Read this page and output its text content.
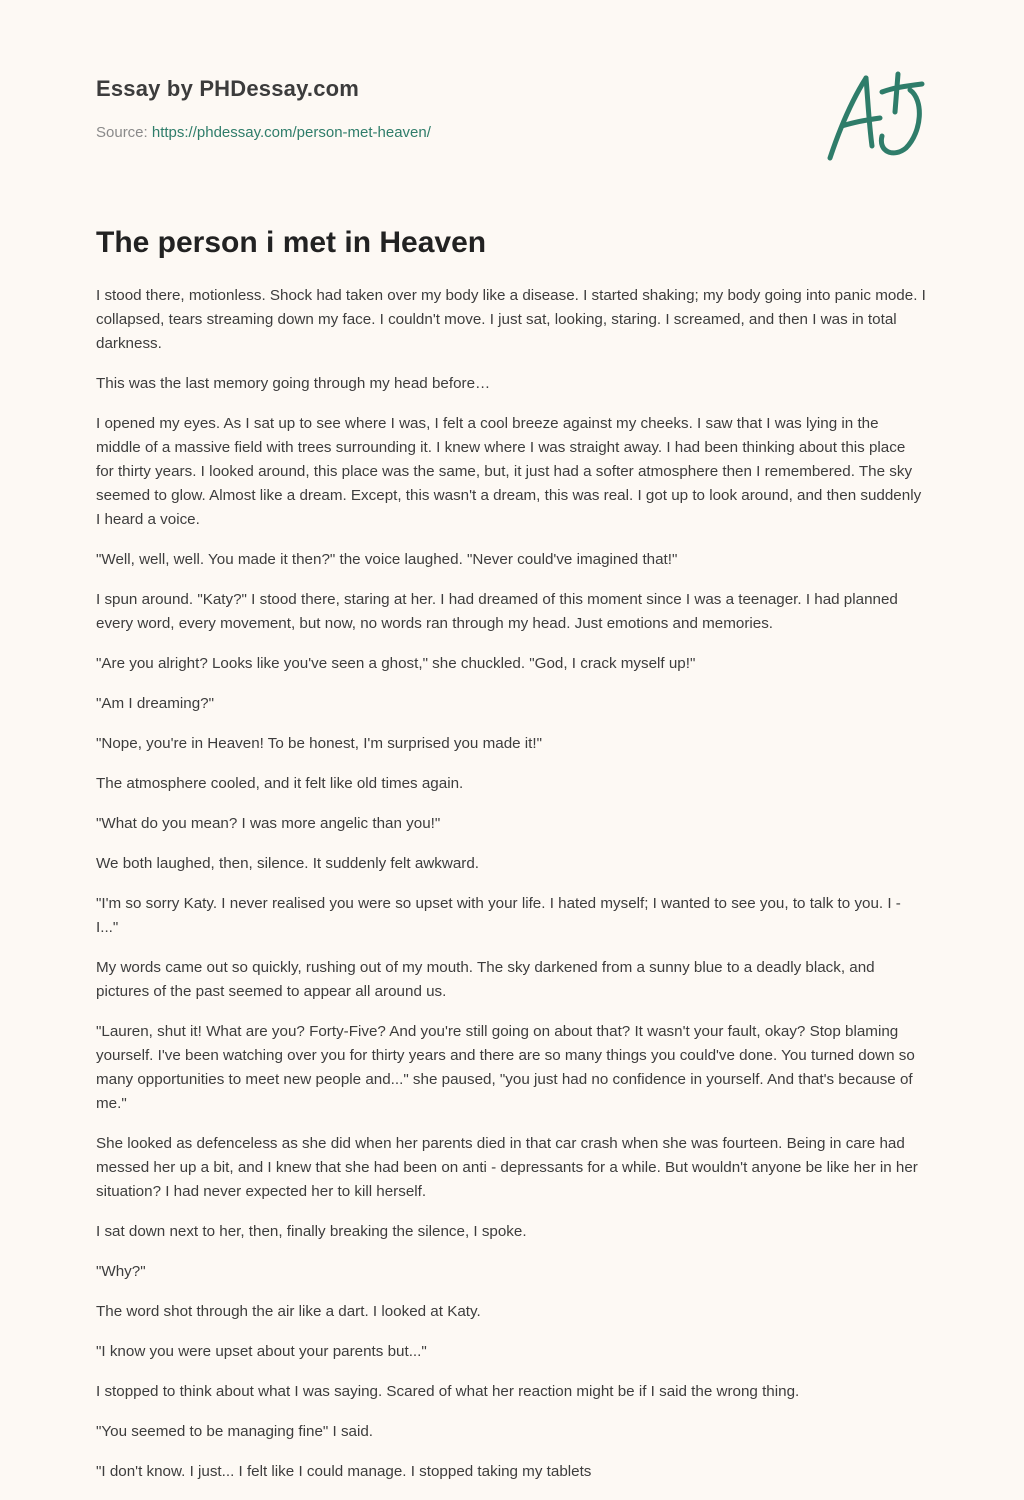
Essay by PHDessay.com
Source: https://phdessay.com/person-met-heaven/
The person i met in Heaven

I stood there, motionless. Shock had taken over my body like a disease. I started shaking; my body going into panic mode. I collapsed, tears streaming down my face. I couldn't move. I just sat, looking, staring. I screamed, and then I was in total darkness.

This was the last memory going through my head before…

I opened my eyes. As I sat up to see where I was, I felt a cool breeze against my cheeks. I saw that I was lying in the middle of a massive field with trees surrounding it. I knew where I was straight away. I had been thinking about this place for thirty years. I looked around, this place was the same, but, it just had a softer atmosphere then I remembered. The sky seemed to glow. Almost like a dream. Except, this wasn't a dream, this was real. I got up to look around, and then suddenly I heard a voice.

"Well, well, well. You made it then?" the voice laughed. "Never could've imagined that!"

I spun around. "Katy?" I stood there, staring at her. I had dreamed of this moment since I was a teenager. I had planned every word, every movement, but now, no words ran through my head. Just emotions and memories.

"Are you alright? Looks like you've seen a ghost," she chuckled. "God, I crack myself up!"

"Am I dreaming?"

"Nope, you're in Heaven! To be honest, I'm surprised you made it!"

The atmosphere cooled, and it felt like old times again.

"What do you mean? I was more angelic than you!"

We both laughed, then, silence. It suddenly felt awkward.

"I'm so sorry Katy. I never realised you were so upset with your life. I hated myself; I wanted to see you, to talk to you. I - I..."

My words came out so quickly, rushing out of my mouth. The sky darkened from a sunny blue to a deadly black, and pictures of the past seemed to appear all around us.

"Lauren, shut it! What are you? Forty-Five? And you're still going on about that? It wasn't your fault, okay? Stop blaming yourself. I've been watching over you for thirty years and there are so many things you could've done. You turned down so many opportunities to meet new people and..." she paused, "you just had no confidence in yourself. And that's because of me."

She looked as defenceless as she did when her parents died in that car crash when she was fourteen. Being in care had messed her up a bit, and I knew that she had been on anti - depressants for a while. But wouldn't anyone be like her in her situation? I had never expected her to kill herself.

I sat down next to her, then, finally breaking the silence, I spoke.

"Why?"

The word shot through the air like a dart. I looked at Katy.

"I know you were upset about your parents but..."

I stopped to think about what I was saying. Scared of what her reaction might be if I said the wrong thing.

"You seemed to be managing fine" I said.

"I don't know. I just... I felt like I could manage. I stopped taking my tablets
